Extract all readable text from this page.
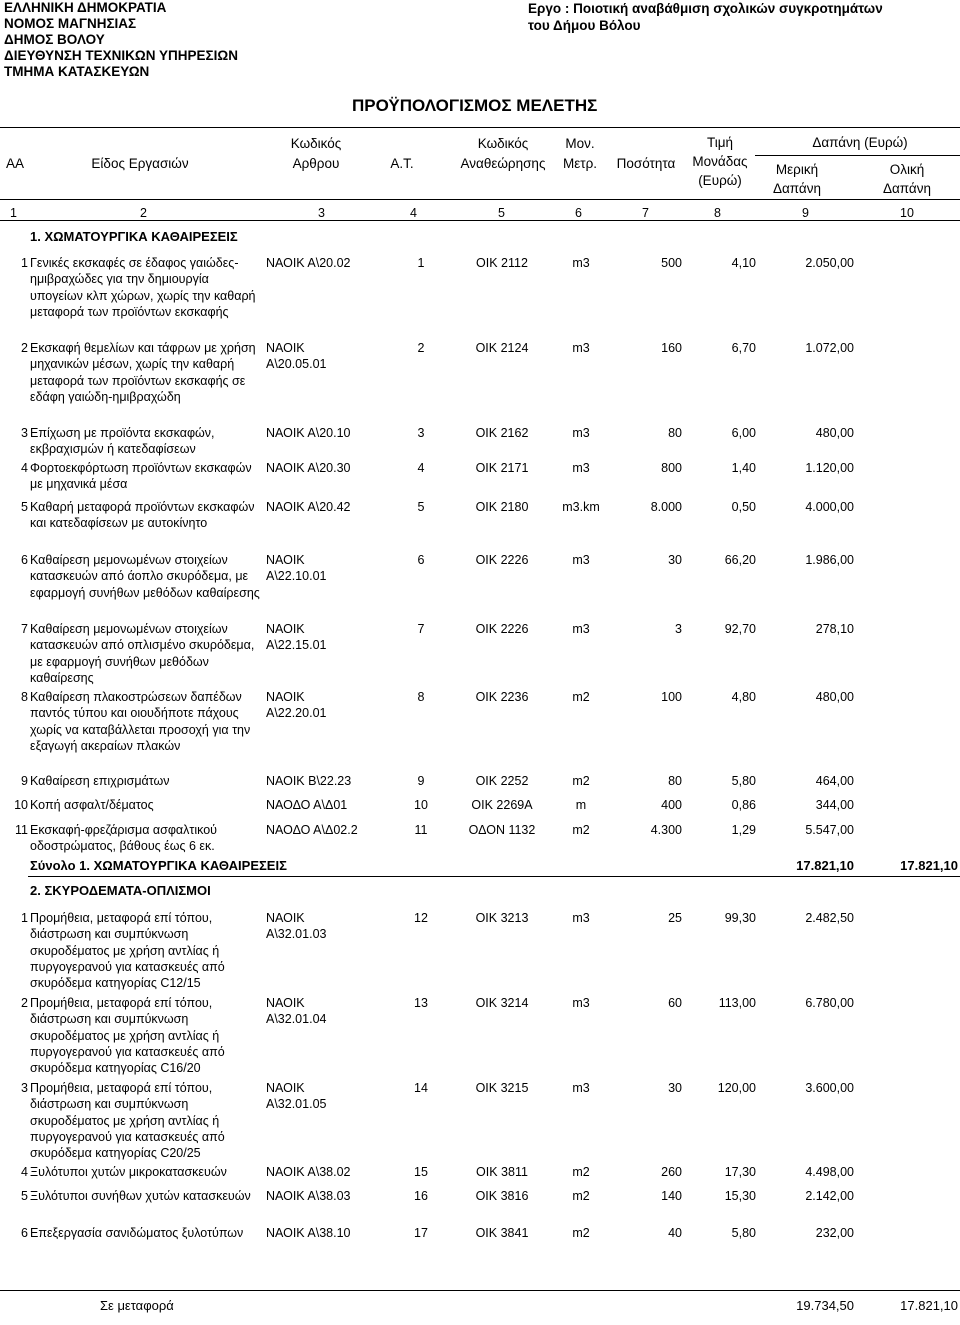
ΕΛΛΗΝΙΚΗ ΔΗΜΟΚΡΑΤΙΑ
ΝΟΜΟΣ ΜΑΓΝΗΣΙΑΣ
ΔΗΜΟΣ ΒΟΛΟΥ
ΔΙΕΥΘΥΝΣΗ ΤΕΧΝΙΚΩΝ ΥΠΗΡΕΣΙΩΝ
ΤΜΗΜΑ ΚΑΤΑΣΚΕΥΩΝ
Εργο : Ποιοτική αναβάθμιση σχολικών συγκροτημάτων
του Δήμου Βόλου
ΠΡΟΫΠΟΛΟΓΙΣΜΟΣ ΜΕΛΕΤΗΣ
ΑΑ	Είδος Εργασιών
Κωδικός
Αρθρου	Α.Τ.
Κωδικός
Αναθεώρησης
Μον.
Μετρ.	Ποσότητα
Τιμή
Μονάδας
(Ευρώ)
Δαπάνη (Ευρώ)
Μερική
Δαπάνη
Ολική
Δαπάνη
1	2	3	4	5	6	7	8	9	10
1. ΧΩΜΑΤΟΥΡΓΙΚΑ ΚΑΘΑΙΡΕΣΕΙΣ
1 Γενικές εκσκαφές σε έδαφος γαιώδες-ημιβραχώδες για την δημιουργία υπογείων κλπ χώρων, χωρίς την καθαρή μεταφορά των προϊόντων εκσκαφής
ΝΑΟΙΚ Α\20.02	1	ΟΙΚ 2112	m3	500	4,10	2.050,00
2 Εκσκαφή θεμελίων και τάφρων με χρήση μηχανικών μέσων, χωρίς την καθαρή μεταφορά των προϊόντων εκσκαφής σε εδάφη γαιώδη-ημιβραχώδη
ΝΑΟΙΚ Α\20.05.01
2	ΟΙΚ 2124	m3	160	6,70	1.072,00
3 Επίχωση με προϊόντα εκσκαφών, εκβραχισμών ή κατεδαφίσεων
ΝΑΟΙΚ Α\20.10	3	ΟΙΚ 2162	m3	80	6,00	480,00
4 Φορτοεκφόρτωση προϊόντων εκσκαφών με μηχανικά μέσα
ΝΑΟΙΚ Α\20.30	4	ΟΙΚ 2171	m3	800	1,40	1.120,00
5 Καθαρή μεταφορά προϊόντων εκσκαφών και κατεδαφίσεων με αυτοκίνητο
ΝΑΟΙΚ Α\20.42	5	ΟΙΚ 2180	m3.km	8.000	0,50	4.000,00
6 Καθαίρεση μεμονωμένων στοιχείων κατασκευών από άοπλο σκυρόδεμα, με εφαρμογή συνήθων μεθόδων καθαίρεσης
ΝΑΟΙΚ Α\22.10.01
6	ΟΙΚ 2226	m3	30	66,20	1.986,00
7 Καθαίρεση μεμονωμένων στοιχείων κατασκευών από οπλισμένο σκυρόδεμα, με εφαρμογή συνήθων μεθόδων καθαίρεσης
ΝΑΟΙΚ Α\22.15.01
7	ΟΙΚ 2226	m3	3	92,70	278,10
8 Καθαίρεση πλακοστρώσεων δαπέδων παντός τύπου και οιουδήποτε πάχους χωρίς να καταβάλλεται προσοχή για την εξαγωγή ακεραίων πλακών
ΝΑΟΙΚ Α\22.20.01
8	ΟΙΚ 2236	m2	100	4,80	480,00
9 Καθαίρεση επιχρισμάτων	ΝΑΟΙΚ Β\22.23	9	ΟΙΚ 2252	m2	80	5,80	464,00
10 Κοπή ασφαλτ/δέματος	ΝΑΟΔΟ Α\Δ01	10	ΟΙΚ 2269Α	m	400	0,86	344,00
11 Εκσκαφή-φρεζάρισμα ασφαλτικού οδοστρώματος, βάθους έως 6 εκ.
ΝΑΟΔΟ Α\Δ02.2	11	ΟΔΟΝ 1132	m2	4.300	1,29	5.547,00
Σύνολο 1. ΧΩΜΑΤΟΥΡΓΙΚΑ ΚΑΘΑΙΡΕΣΕΙΣ	17.821,10	17.821,10
2. ΣΚΥΡΟΔΕΜΑΤΑ-ΟΠΛΙΣΜΟΙ
1 Προμήθεια, μεταφορά επί τόπου, διάστρωση και συμπύκνωση σκυροδέματος με χρήση αντλίας ή πυργογερανού για κατασκευές από σκυρόδεμα κατηγορίας C12/15
ΝΑΟΙΚ Α\32.01.03
12	ΟΙΚ 3213	m3	25	99,30	2.482,50
2 Προμήθεια, μεταφορά επί τόπου, διάστρωση και συμπύκνωση σκυροδέματος με χρήση αντλίας ή πυργογερανού για κατασκευές από σκυρόδεμα κατηγορίας C16/20
ΝΑΟΙΚ Α\32.01.04
13	ΟΙΚ 3214	m3	60	113,00	6.780,00
3 Προμήθεια, μεταφορά επί τόπου, διάστρωση και συμπύκνωση σκυροδέματος με χρήση αντλίας ή πυργογερανού για κατασκευές από σκυρόδεμα κατηγορίας C20/25
ΝΑΟΙΚ Α\32.01.05
14	ΟΙΚ 3215	m3	30	120,00	3.600,00
4 Ξυλότυποι χυτών μικροκατασκευών	ΝΑΟΙΚ Α\38.02	15	ΟΙΚ 3811	m2	260	17,30	4.498,00
5 Ξυλότυποι συνήθων χυτών κατασκευών	ΝΑΟΙΚ Α\38.03	16	ΟΙΚ 3816	m2	140	15,30	2.142,00
6 Επεξεργασία σανιδώματος ξυλοτύπων	ΝΑΟΙΚ Α\38.10	17	ΟΙΚ 3841	m2	40	5,80	232,00
Σε μεταφορά	19.734,50	17.821,10
